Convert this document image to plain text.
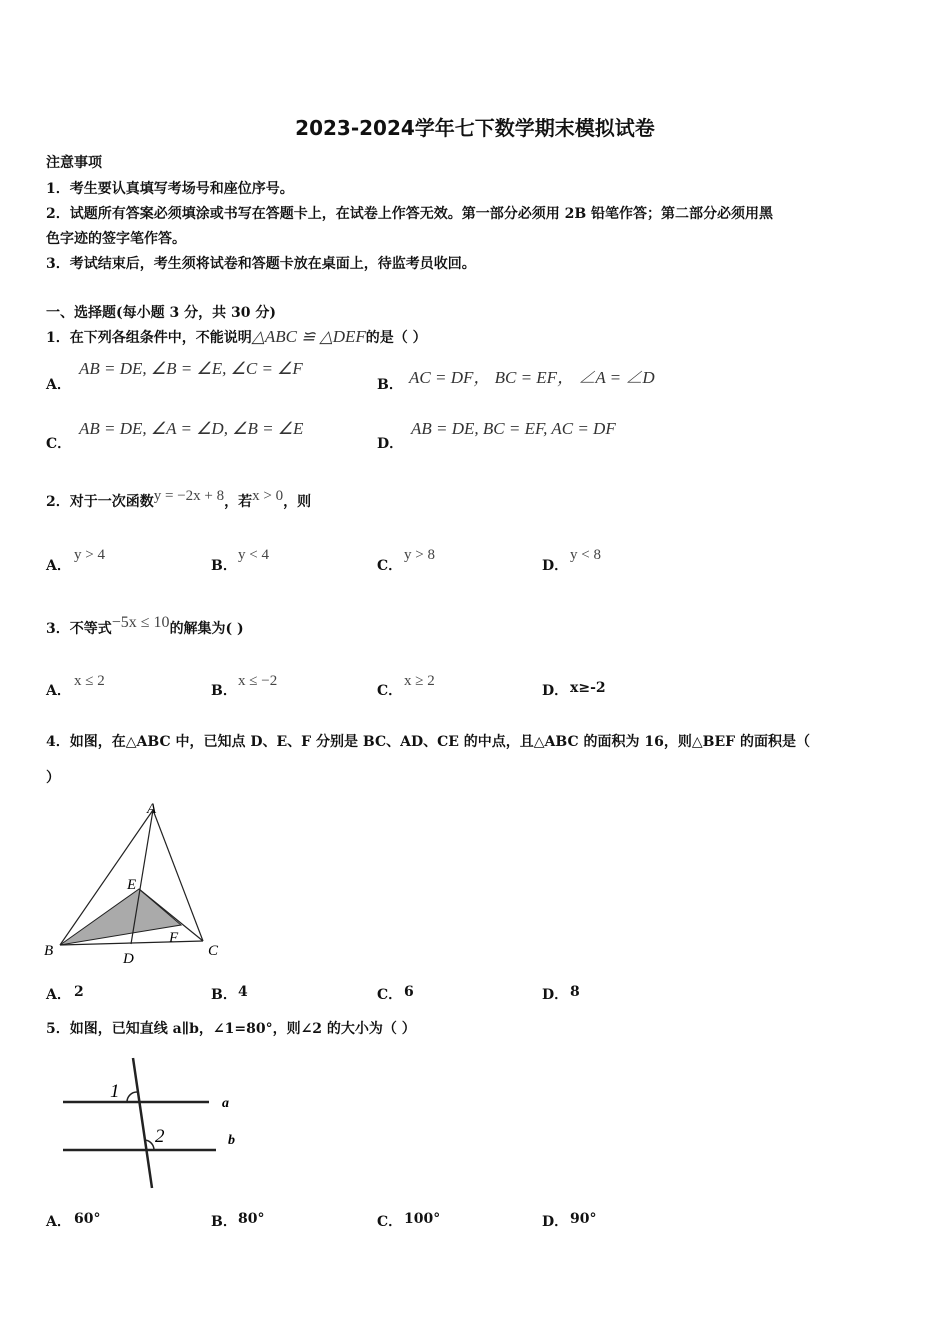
2023-2024学年七下数学期末模拟试卷
注意事项
1．考生要认真填写考场号和座位序号。
2．试题所有答案必须填涂或书写在答题卡上，在试卷上作答无效。第一部分必须用 2B 铅笔作答；第二部分必须用黑
色字迹的签字笔作答。
3．考试结束后，考生须将试卷和答题卡放在桌面上，待监考员收回。
一、选择题(每小题 3 分，共 30 分)
1．在下列各组条件中，不能说明△ABC ≌ △DEF的是（ ）
A．
AB = DE, ∠B = ∠E, ∠C = ∠F
B． AC = DF， BC = EF， ∠A = ∠D
C．
AB = DE, ∠A = ∠D, ∠B = ∠E
D．
AB = DE, BC = EF, AC = DF
2．对于一次函数y = −2x + 8，若x > 0，则
A．
y > 4
B．
y < 4
C．
y > 8
D．
y < 8
3．不等式−5x ≤ 10的解集为( )
A．
x ≤ 2
B．
x ≤ −2
C．
x ≥ 2
D． x≥-2
4．如图，在△ABC 中，已知点 D、E、F 分别是 BC、AD、CE 的中点，且△ABC 的面积为 16，则△BEF 的面积是（
）
A
B	C
D
E
F
A． 2	B． 4	C． 6	D． 8
5．如图，已知直线 a∥b，∠1=80°，则∠2 的大小为（ ）
1
2
a
b
A． 60°	B． 80°	C． 100°	D． 90°
